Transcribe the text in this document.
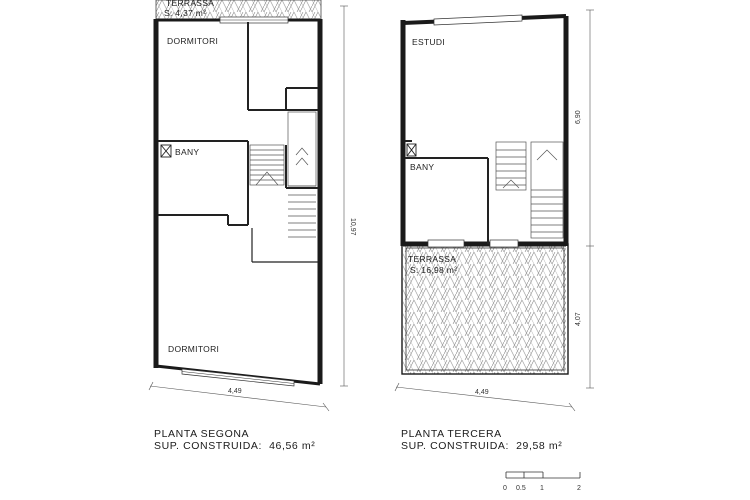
TERRASSA
S: 4,37 m²
DORMITORI
BANY
DORMITORI
4,49
10,97
ESTUDI
BANY
TERRASSA
S: 16,98 m²
4,49
6,90
4,07
0 0.5 1	2
PLANTA SEGONA
SUP. CONSTRUIDA: 46,56 m²
PLANTA TERCERA
SUP. CONSTRUIDA: 29,58 m²
